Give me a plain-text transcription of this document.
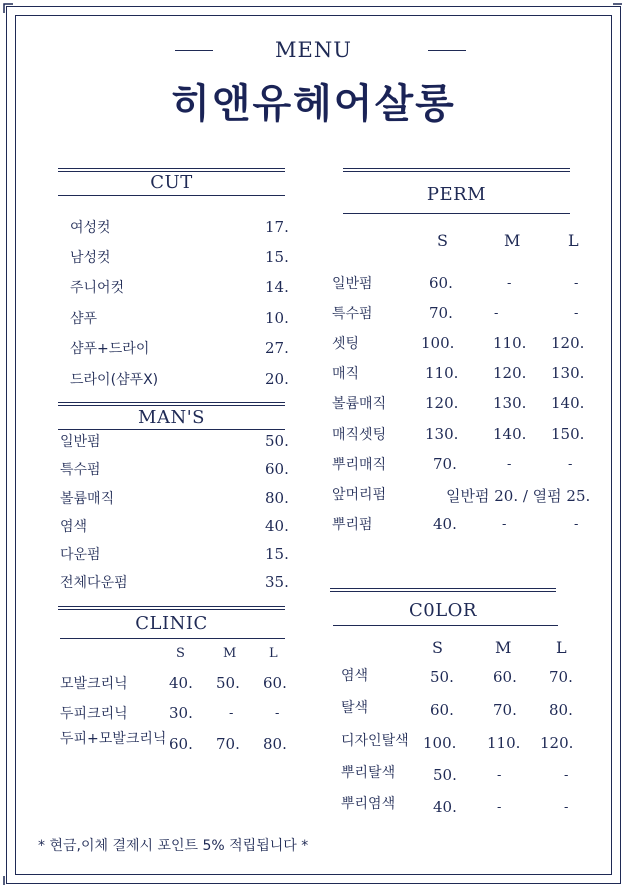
MENU
히앤유헤어살롱
CUT
여성컷	17.
남성컷	15.
주니어컷	14.
샴푸	10.
샴푸+드라이	27.
드라이(샴푸X)	20.
MAN'S
일반펌	50.
특수펌	60.
볼륨매직	80.
염색	40.
다운펌	15.
전체다운펌	35.
CLINIC
S	M	L
모발크리닉	40. 50. 60.
두피크리닉	30.	-	-
두피+모발크리닉 60. 70. 80.
PERM
S	M	L
일반펌	60.	-	-
특수펌	70.	-	-
셋팅	100.	110. 120.
매직	110. 120. 130.
볼륨매직	120. 130. 140.
매직셋팅	130. 140. 150.
뿌리매직	70.	-	-
앞머리펌	일반펌 20. / 열펌 25.
뿌리펌	40.	-	-
C0LOR
S	M	L
염색	50.	60. 70.
탈색	60.	70. 80.
디자인탈색 100. 110. 120.
뿌리탈색	50.	-	-
뿌리염색	40.	-	-
* 현금,이체 결제시 포인트 5% 적립됩니다 *
